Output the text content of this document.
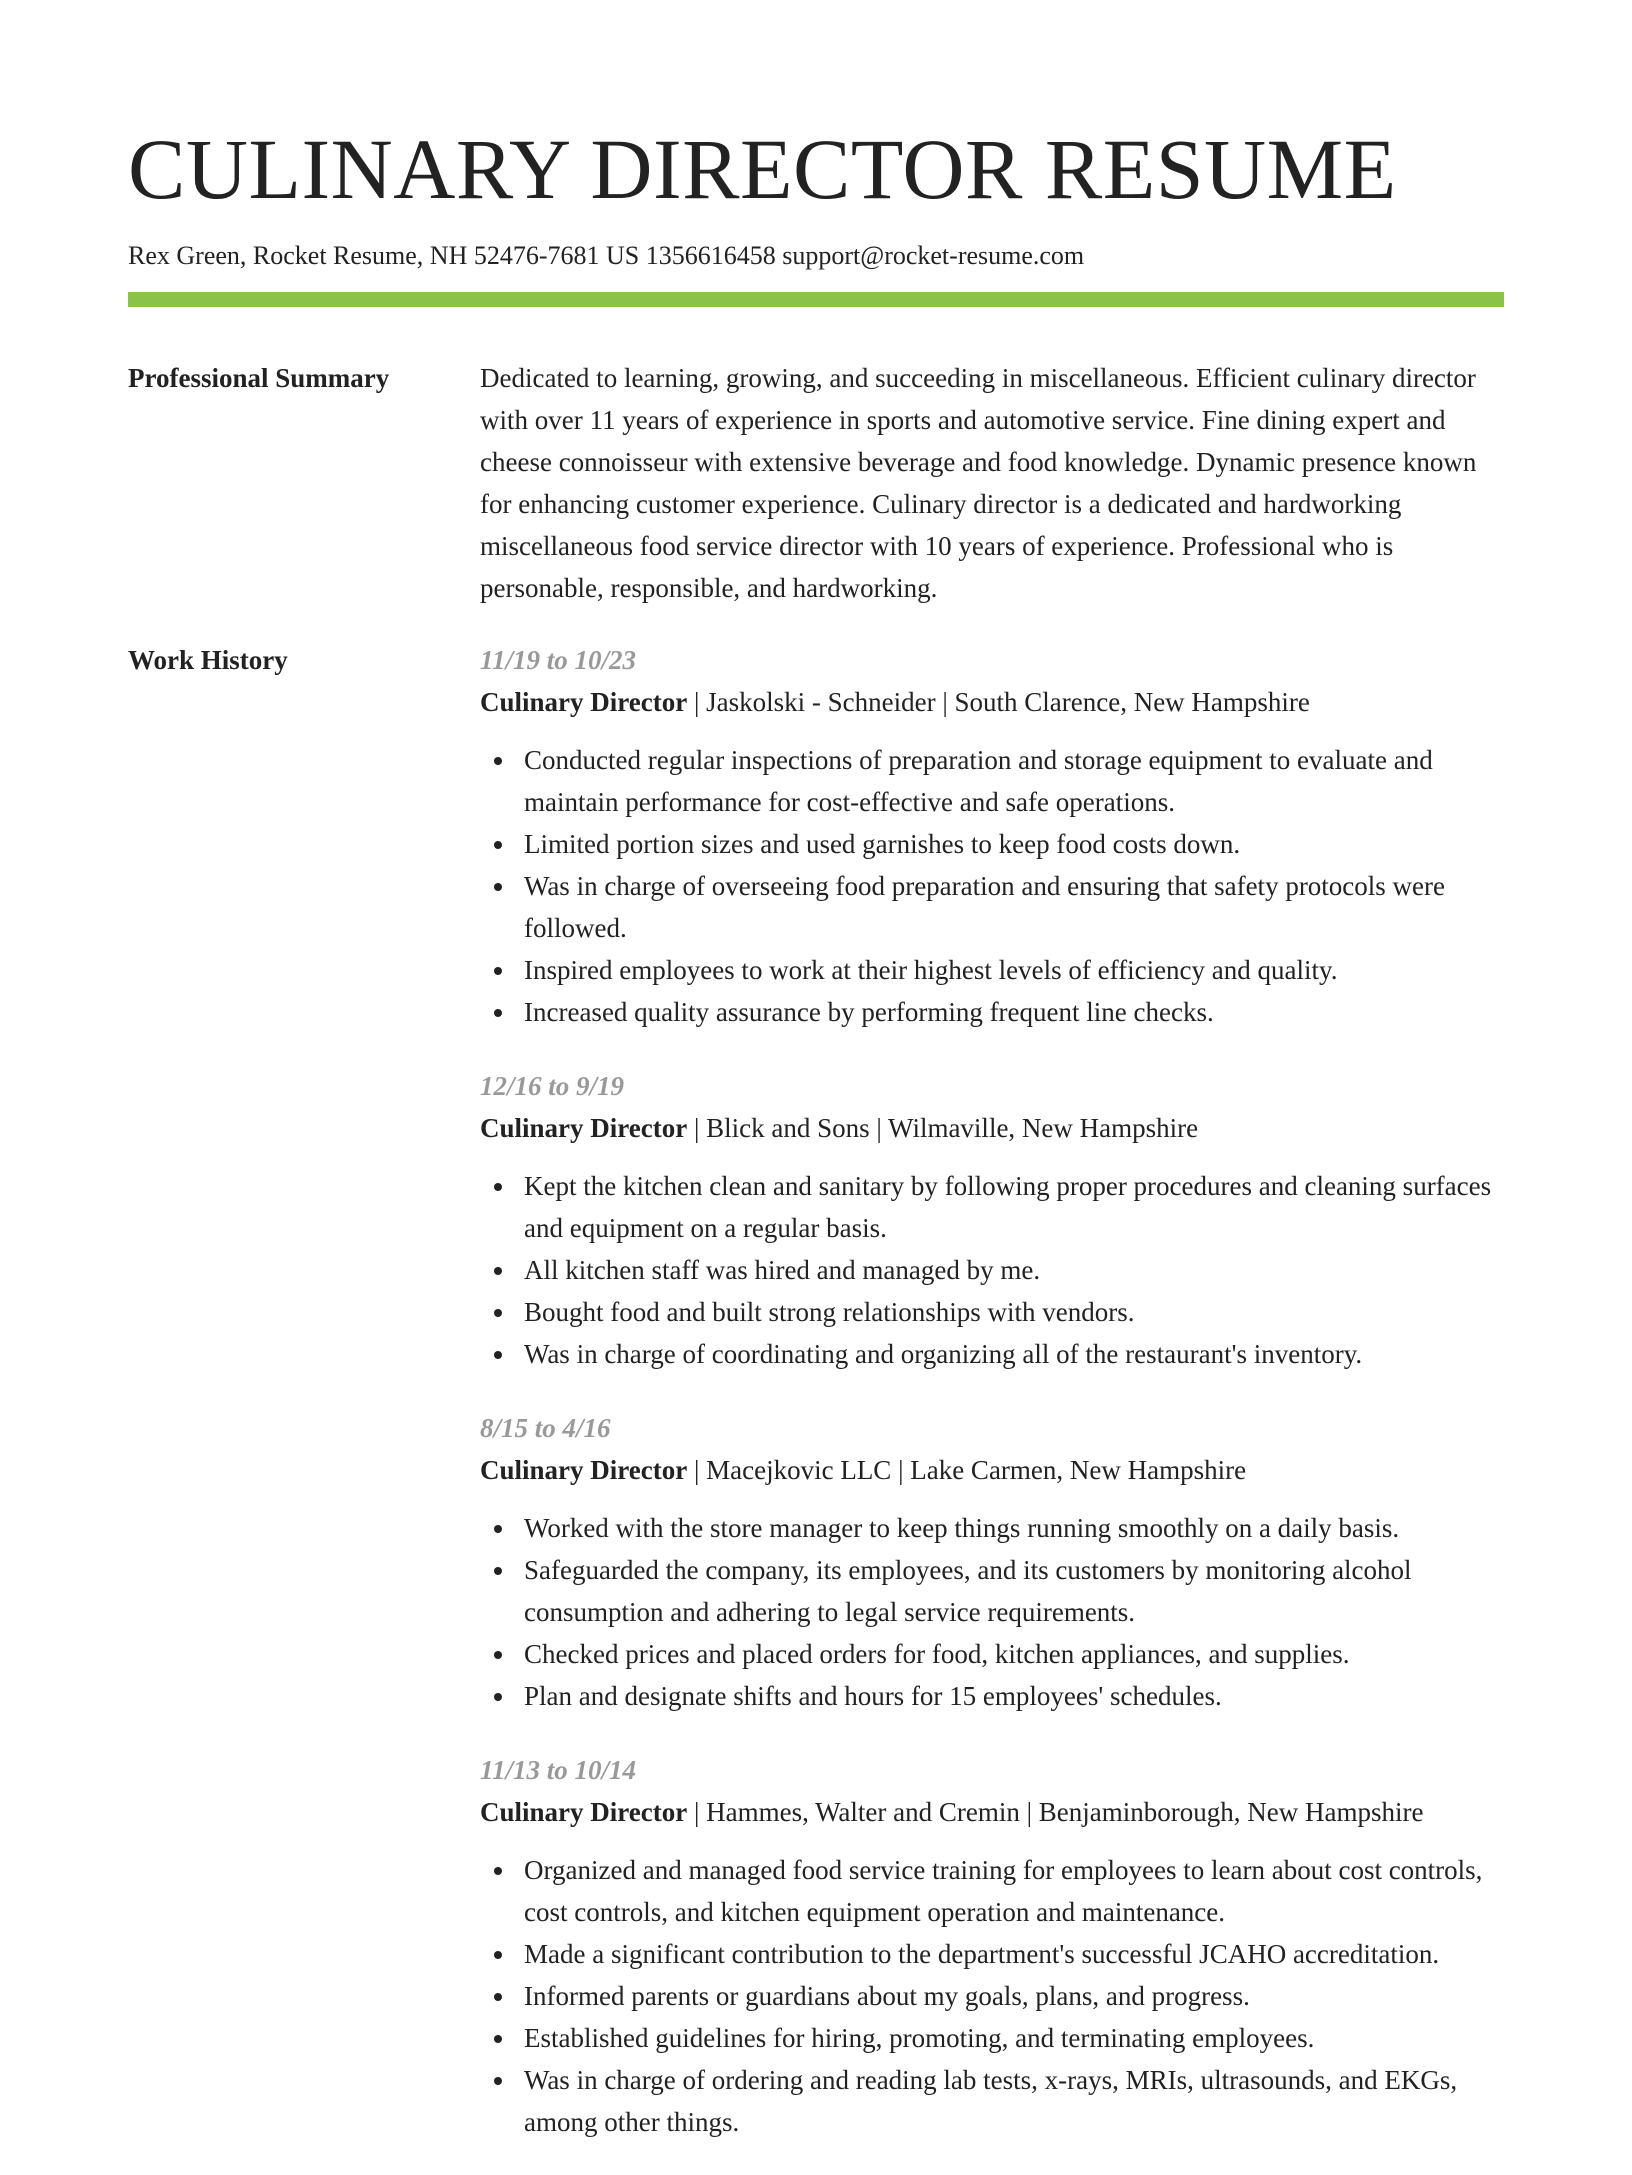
CULINARY DIRECTOR RESUME
Rex Green, Rocket Resume, NH 52476-7681 US 1356616458 support@rocket-resume.com
Professional Summary	Dedicated to learning, growing, and succeeding in miscellaneous. Efficient culinary director with over 11 years of experience in sports and automotive service. Fine dining expert and cheese connoisseur with extensive beverage and food knowledge. Dynamic presence known for enhancing customer experience. Culinary director is a dedicated and hardworking miscellaneous food service director with 10 years of experience. Professional who is personable, responsible, and hardworking.

Work History	11/19 to 10/23
Culinary Director | Jaskolski - Schneider | South Clarence, New Hampshire
Conducted regular inspections of preparation and storage equipment to evaluate and maintain performance for cost-effective and safe operations.
Limited portion sizes and used garnishes to keep food costs down.
Was in charge of overseeing food preparation and ensuring that safety protocols were followed.
Inspired employees to work at their highest levels of efficiency and quality.
Increased quality assurance by performing frequent line checks.
12/16 to 9/19
Culinary Director | Blick and Sons | Wilmaville, New Hampshire
Kept the kitchen clean and sanitary by following proper procedures and cleaning surfaces and equipment on a regular basis.
All kitchen staff was hired and managed by me.
Bought food and built strong relationships with vendors.
Was in charge of coordinating and organizing all of the restaurant's inventory.
8/15 to 4/16
Culinary Director | Macejkovic LLC | Lake Carmen, New Hampshire
Worked with the store manager to keep things running smoothly on a daily basis.
Safeguarded the company, its employees, and its customers by monitoring alcohol consumption and adhering to legal service requirements.
Checked prices and placed orders for food, kitchen appliances, and supplies.
Plan and designate shifts and hours for 15 employees' schedules.
11/13 to 10/14
Culinary Director | Hammes, Walter and Cremin | Benjaminborough, New Hampshire
Organized and managed food service training for employees to learn about cost controls, cost controls, and kitchen equipment operation and maintenance.
Made a significant contribution to the department's successful JCAHO accreditation.
Informed parents or guardians about my goals, plans, and progress.
Established guidelines for hiring, promoting, and terminating employees.
Was in charge of ordering and reading lab tests, x-rays, MRIs, ultrasounds, and EKGs, among other things.
